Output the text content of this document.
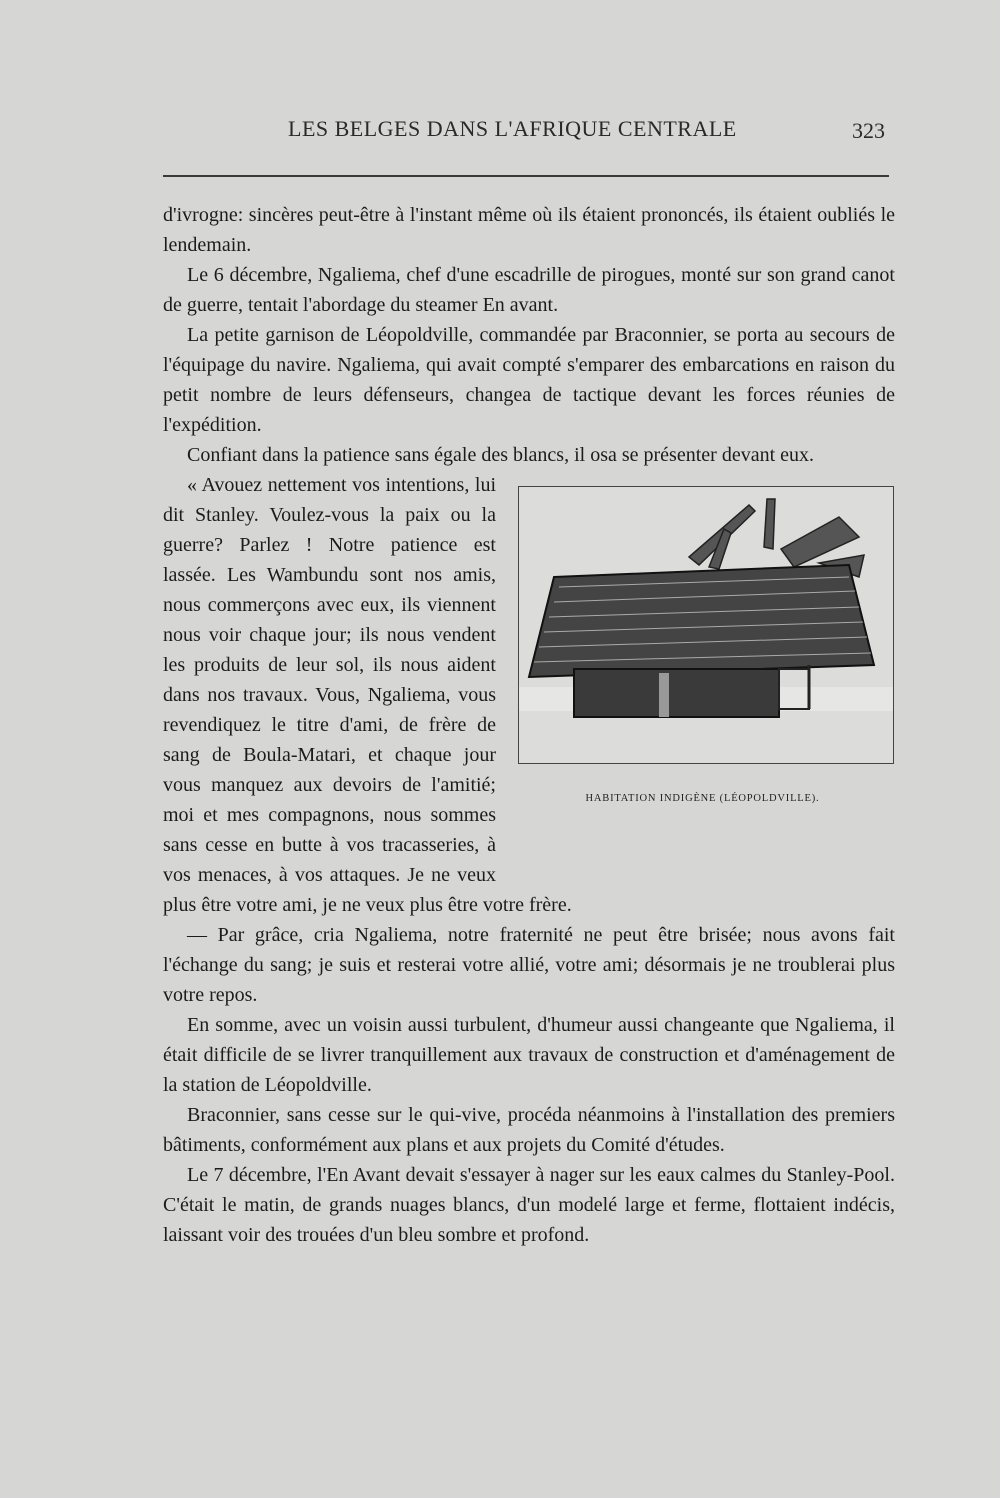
LES BELGES DANS L'AFRIQUE CENTRALE	323

d'ivrogne: sincères peut-être à l'instant même où ils étaient prononcés, ils étaient oubliés le lendemain.

Le 6 décembre, Ngaliema, chef d'une escadrille de pirogues, monté sur son grand canot de guerre, tentait l'abordage du steamer En avant.

La petite garnison de Léopoldville, commandée par Braconnier, se porta au secours de l'équipage du navire. Ngaliema, qui avait compté s'emparer des embarcations en raison du petit nombre de leurs défenseurs, changea de tactique devant les forces réunies de l'expédition.

Confiant dans la patience sans égale des blancs, il osa se présenter devant eux.

HABITATION INDIGÈNE (LÉOPOLDVILLE).

« Avouez nettement vos intentions, lui dit Stanley. Voulez-vous la paix ou la guerre? Parlez ! Notre patience est lassée. Les Wambundu sont nos amis, nous commerçons avec eux, ils viennent nous voir chaque jour; ils nous vendent les produits de leur sol, ils nous aident dans nos travaux. Vous, Ngaliema, vous revendiquez le titre d'ami, de frère de sang de Boula-Matari, et chaque jour vous manquez aux devoirs de l'amitié; moi et mes compagnons, nous sommes sans cesse en butte à vos tracasseries, à vos menaces, à vos attaques. Je ne veux plus être votre ami, je ne veux plus être votre frère.

— Par grâce, cria Ngaliema, notre fraternité ne peut être brisée; nous avons fait l'échange du sang; je suis et resterai votre allié, votre ami; désormais je ne troublerai plus votre repos.

En somme, avec un voisin aussi turbulent, d'humeur aussi changeante que Ngaliema, il était difficile de se livrer tranquillement aux travaux de construction et d'aménagement de la station de Léopoldville.

Braconnier, sans cesse sur le qui-vive, procéda néanmoins à l'installation des premiers bâtiments, conformément aux plans et aux projets du Comité d'études.

Le 7 décembre, l'En Avant devait s'essayer à nager sur les eaux calmes du Stanley-Pool. C'était le matin, de grands nuages blancs, d'un modelé large et ferme, flottaient indécis, laissant voir des trouées d'un bleu sombre et profond.
